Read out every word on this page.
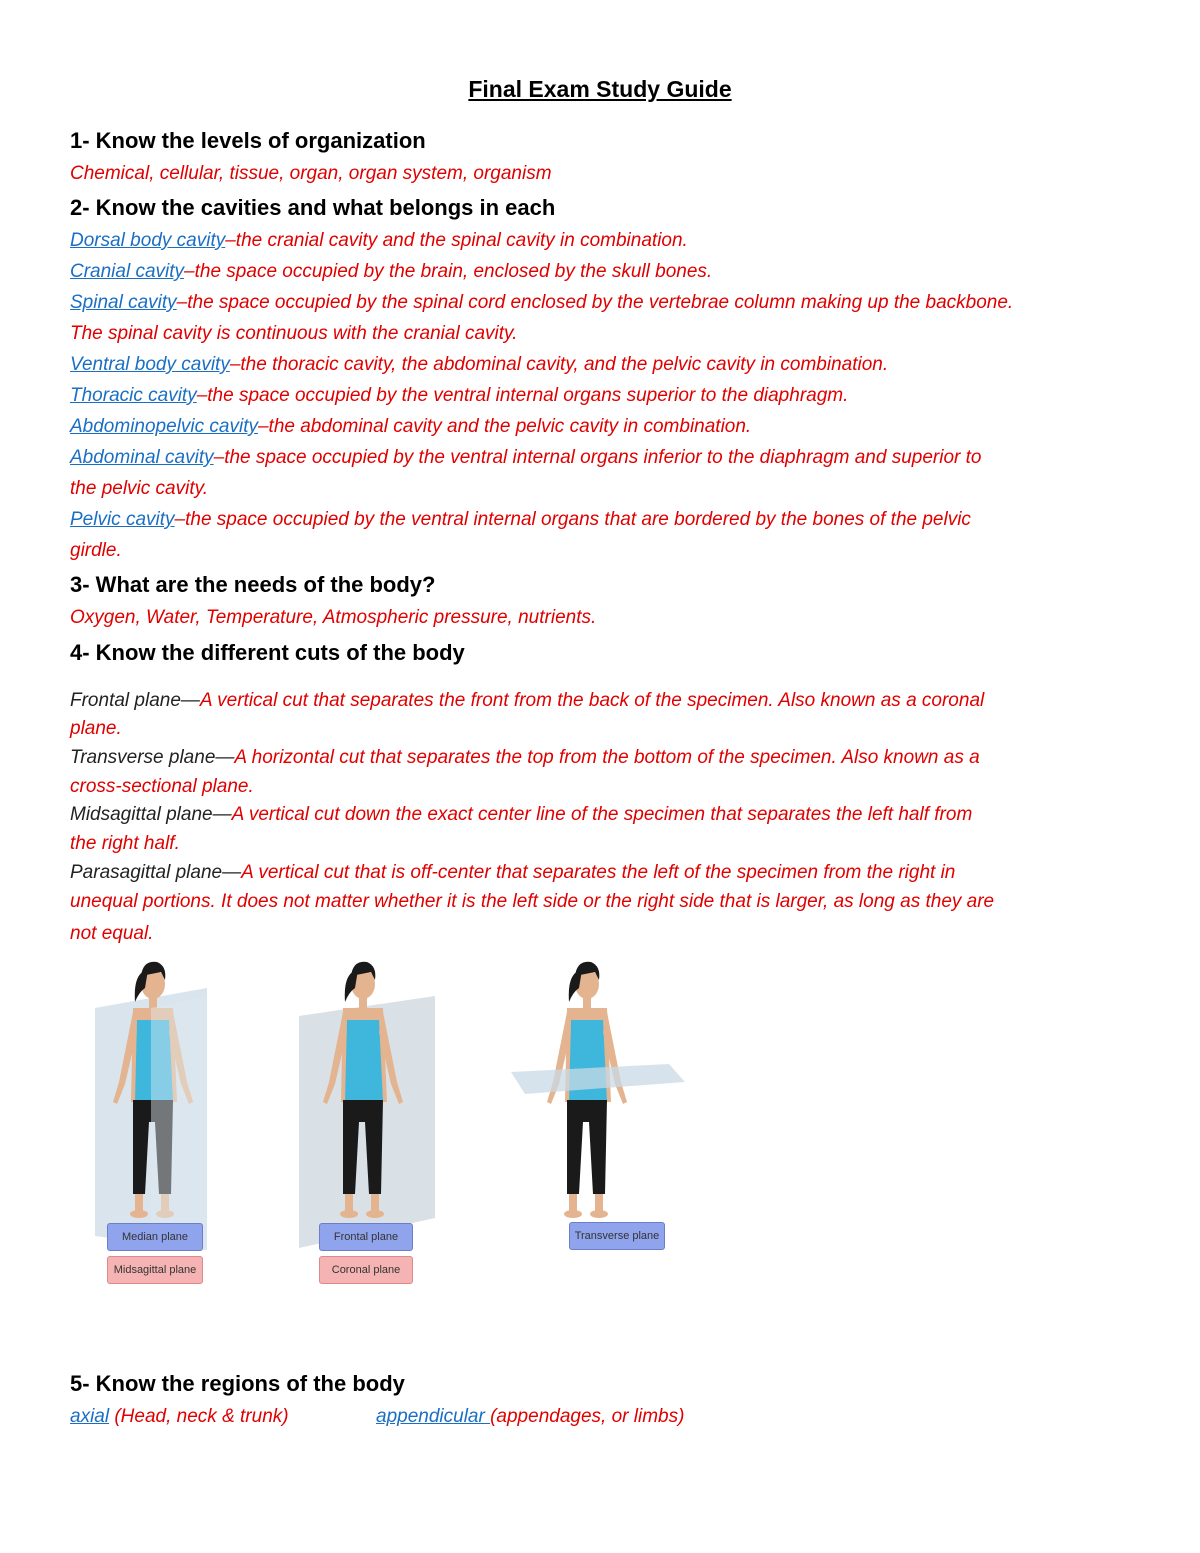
Final Exam Study Guide
1- Know the levels of organization
Chemical, cellular, tissue, organ, organ system, organism
2- Know the cavities and what belongs in each
Dorsal body cavity–the cranial cavity and the spinal cavity in combination.
Cranial cavity–the space occupied by the brain, enclosed by the skull bones.
Spinal cavity–the space occupied by the spinal cord enclosed by the vertebrae column making up the backbone.
The spinal cavity is continuous with the cranial cavity.
Ventral body cavity–the thoracic cavity, the abdominal cavity, and the pelvic cavity in combination.
Thoracic cavity–the space occupied by the ventral internal organs superior to the diaphragm.
Abdominopelvic cavity–the abdominal cavity and the pelvic cavity in combination.
Abdominal cavity–the space occupied by the ventral internal organs inferior to the diaphragm and superior to
the pelvic cavity.
Pelvic cavity–the space occupied by the ventral internal organs that are bordered by the bones of the pelvic
girdle.
3- What are the needs of the body?
Oxygen, Water, Temperature, Atmospheric pressure, nutrients.
4- Know the different cuts of the body
Frontal plane—A vertical cut that separates the front from the back of the specimen. Also known as a coronal
plane.
Transverse plane—A horizontal cut that separates the top from the bottom of the specimen. Also known as a
cross-sectional plane.
Midsagittal plane—A vertical cut down the exact center line of the specimen that separates the left half from
the right half.
Parasagittal plane—A vertical cut that is off-center that separates the left of the specimen from the right in
unequal portions. It does not matter whether it is the left side or the right side that is larger, as long as they are
not equal.
Median plane
Midsagittal plane
Frontal plane
Coronal plane
Transverse plane
5- Know the regions of the body
axial (Head, neck & trunk)	appendicular (appendages, or limbs)
